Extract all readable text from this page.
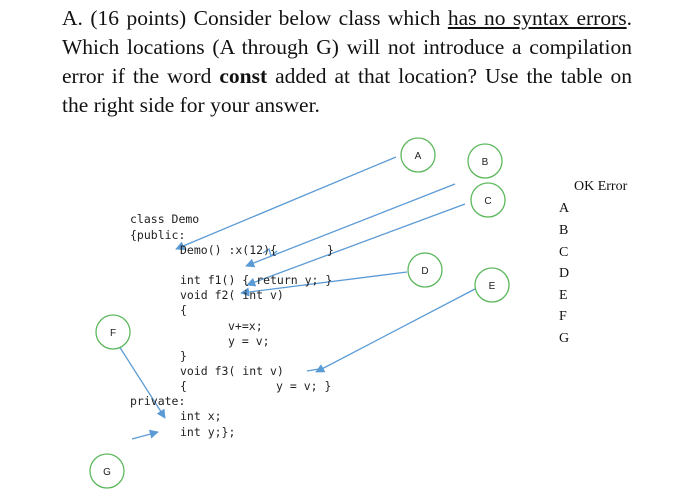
A. (16 points) Consider below class which has no syntax errors. Which locations (A through G) will not introduce a compilation error if the word const added at that location? Use the table on the right side for your answer.
A
B
C
D
E
F
G
class Demo
{public:
Demo() :x(12){	}
int f1() { return y; }
void f2( int v)
{
v+=x;
y = v;
}
void f3( int v)
{	y = v; }
private:
int x;
int y;};
OK Error
A
B
C
D
E
F
G
